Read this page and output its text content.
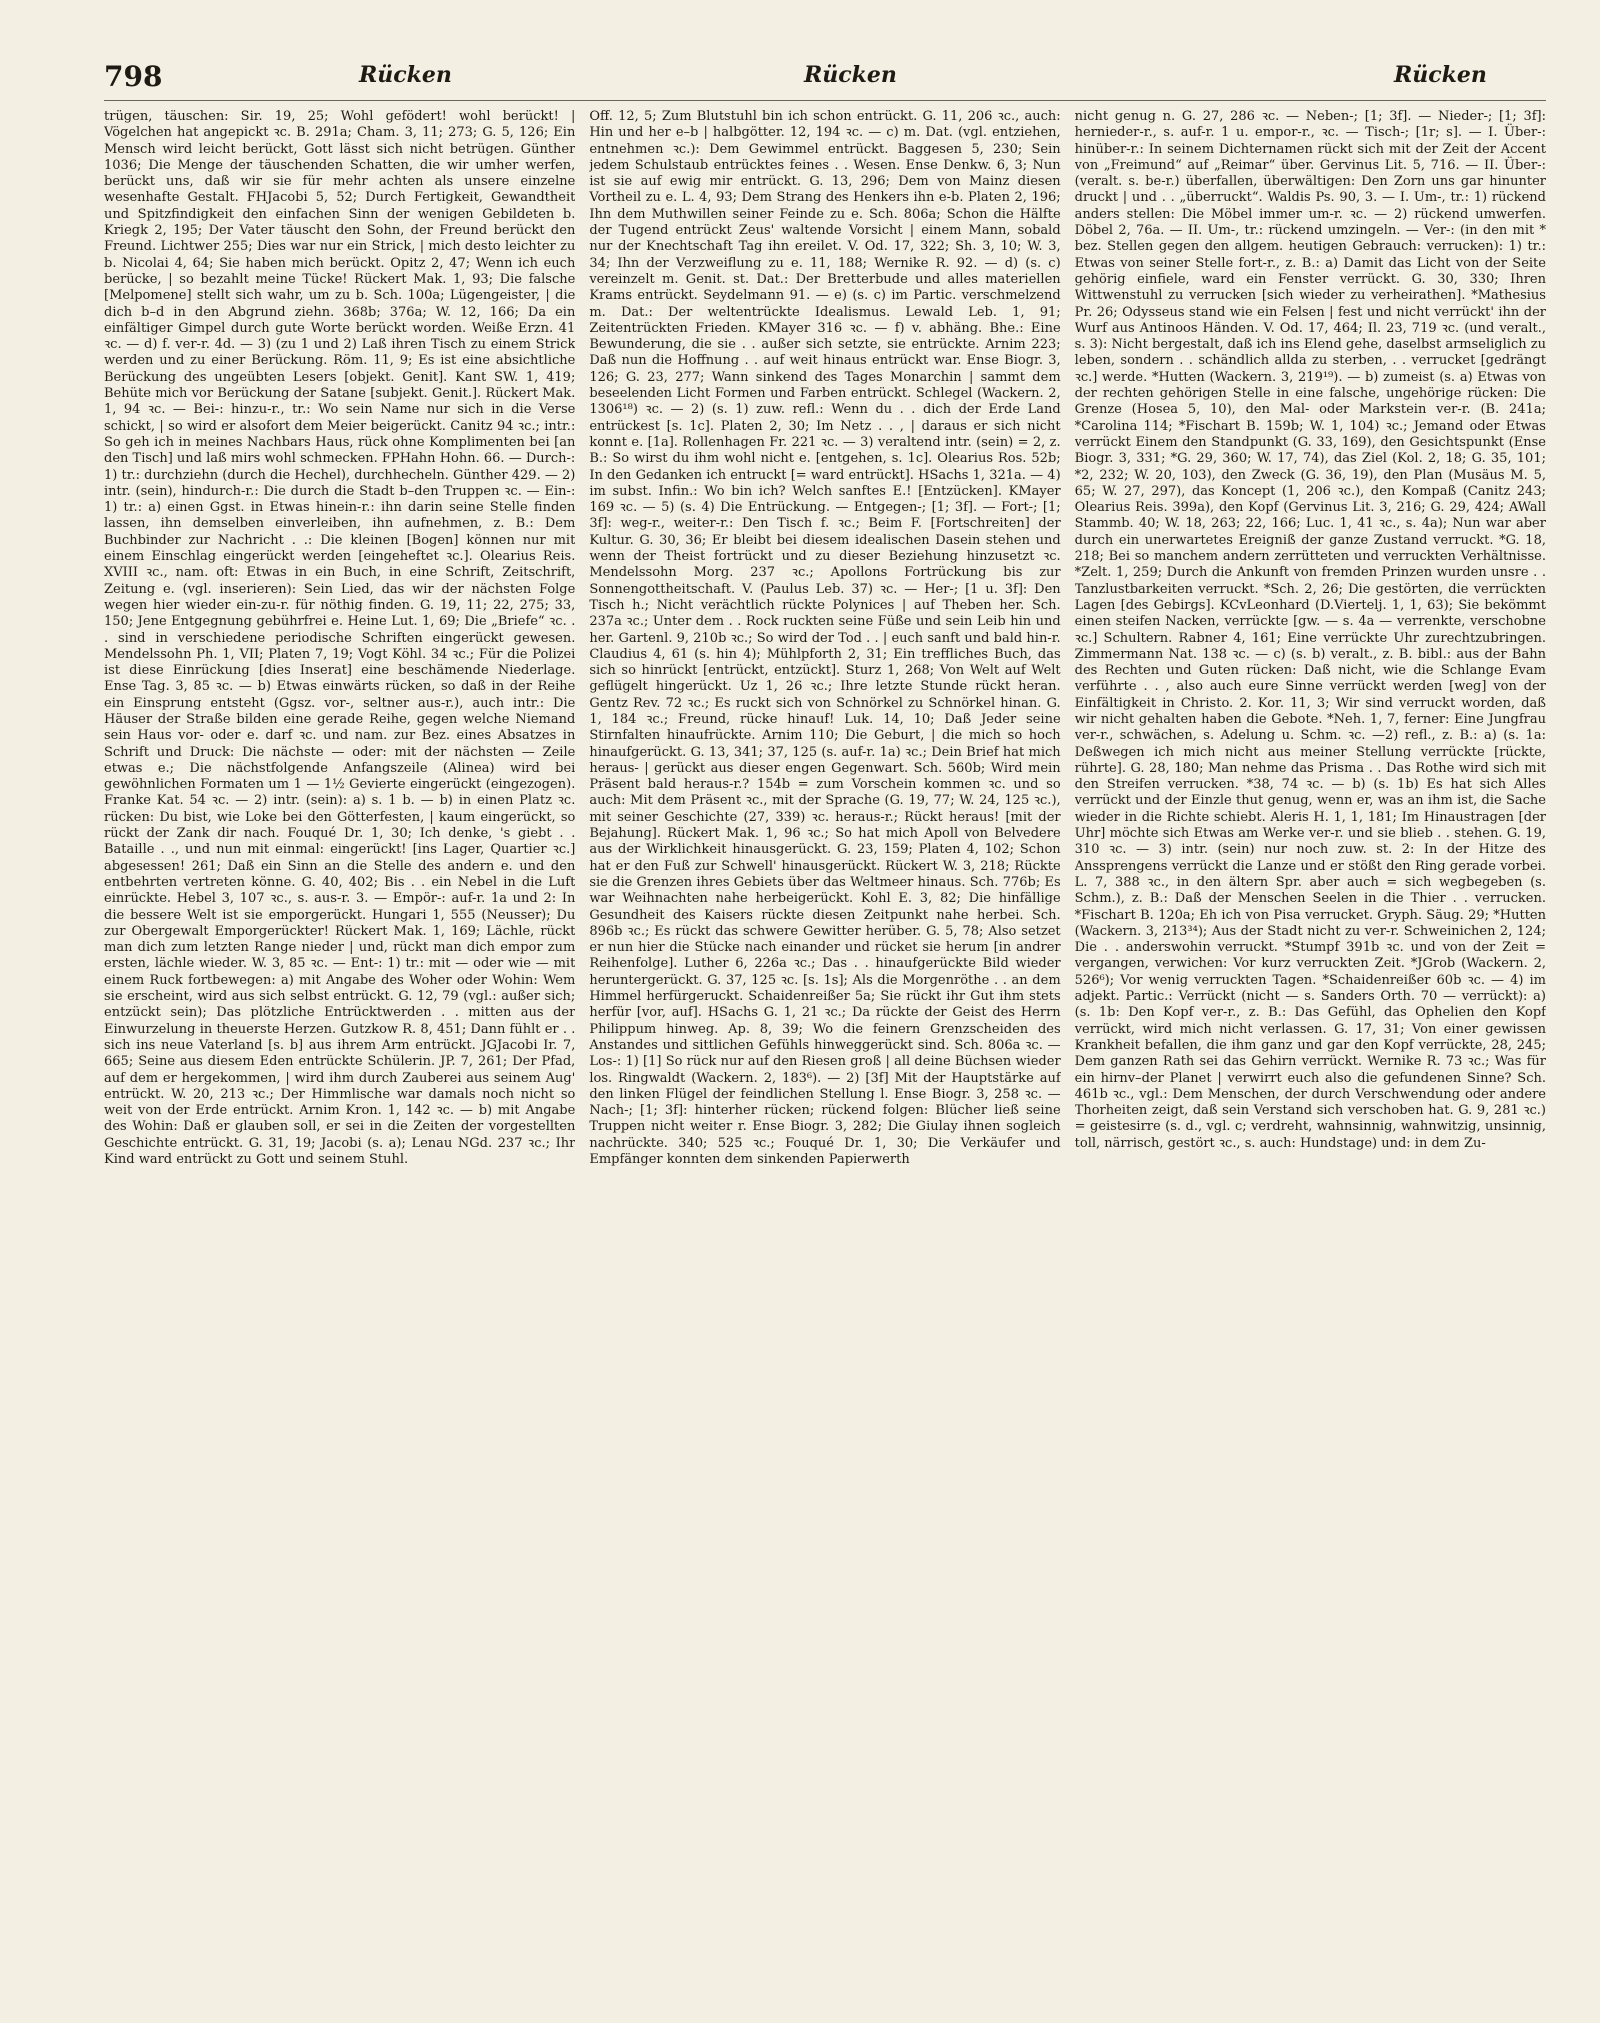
798	Rücken	Rücken	Rücken

trügen, täuschen: Sir. 19, 25; Wohl gefödert! wohl berückt! | Vögelchen hat angepickt ꝛc. B. 291a; Cham. 3, 11; 273; G. 5, 126; Ein Mensch wird leicht berückt, Gott lässt sich nicht betrügen. Günther 1036; Die Menge der täuschenden Schatten, die wir umher werfen, berückt uns, daß wir sie für mehr achten als unsere einzelne wesenhafte Gestalt. FHJacobi 5, 52; Durch Fertigkeit, Gewandtheit und Spitzfindigkeit den einfachen Sinn der wenigen Gebildeten b. Kriegk 2, 195; Der Vater täuscht den Sohn, der Freund berückt den Freund. Lichtwer 255; Dies war nur ein Strick, | mich desto leichter zu b. Nicolai 4, 64; Sie haben mich berückt. Opitz 2, 47; Wenn ich euch berücke, | so bezahlt meine Tücke! Rückert Mak. 1, 93; Die falsche [Melpomene] stellt sich wahr, um zu b. Sch. 100a; Lügengeister, | die dich b–d in den Abgrund ziehn. 368b; 376a; W. 12, 166; Da ein einfältiger Gimpel durch gute Worte berückt worden. Weiße Erzn. 41 ꝛc. — d) f. ver-r. 4d. — 3) (zu 1 und 2) Laß ihren Tisch zu einem Strick werden und zu einer Berückung. Röm. 11, 9; Es ist eine absichtliche Berückung des ungeübten Lesers [objekt. Genit]. Kant SW. 1, 419; Behüte mich vor Berückung der Satane [subjekt. Genit.]. Rückert Mak. 1, 94 ꝛc. — Bei-: hinzu-r., tr.: Wo sein Name nur sich in die Verse schickt, | so wird er alsofort dem Meier beigerückt. Canitz 94 ꝛc.; intr.: So geh ich in meines Nachbars Haus, rück ohne Komplimenten bei [an den Tisch] und laß mirs wohl schmecken. FPHahn Hohn. 66. — Durch-: 1) tr.: durchziehn (durch die Hechel), durchhecheln. Günther 429. — 2) intr. (sein), hindurch-r.: Die durch die Stadt b–den Truppen ꝛc. — Ein-: 1) tr.: a) einen Ggst. in Etwas hinein-r.: ihn darin seine Stelle finden lassen, ihn demselben einverleiben, ihn aufnehmen, z. B.: Dem Buchbinder zur Nachricht . .: Die kleinen [Bogen] können nur mit einem Einschlag eingerückt werden [eingeheftet ꝛc.]. Olearius Reis. XVIII ꝛc., nam. oft: Etwas in ein Buch, in eine Schrift, Zeitschrift, Zeitung e. (vgl. inserieren): Sein Lied, das wir der nächsten Folge wegen hier wieder ein-zu-r. für nöthig finden. G. 19, 11; 22, 275; 33, 150; Jene Entgegnung gebührfrei e. Heine Lut. 1, 69; Die „Briefe“ ꝛc. . . sind in verschiedene periodische Schriften eingerückt gewesen. Mendelssohn Ph. 1, VII; Platen 7, 19; Vogt Köhl. 34 ꝛc.; Für die Polizei ist diese Einrückung [dies Inserat] eine beschämende Niederlage. Ense Tag. 3, 85 ꝛc. — b) Etwas einwärts rücken, so daß in der Reihe ein Einsprung entsteht (Ggsz. vor-, seltner aus-r.), auch intr.: Die Häuser der Straße bilden eine gerade Reihe, gegen welche Niemand sein Haus vor- oder e. darf ꝛc. und nam. zur Bez. eines Absatzes in Schrift und Druck: Die nächste — oder: mit der nächsten — Zeile etwas e.; Die nächstfolgende Anfangszeile (Alinea) wird bei gewöhnlichen Formaten um 1 — 1½ Gevierte eingerückt (eingezogen). Franke Kat. 54 ꝛc. — 2) intr. (sein): a) s. 1 b. — b) in einen Platz ꝛc. rücken: Du bist, wie Loke bei den Götterfesten, | kaum eingerückt, so rückt der Zank dir nach. Fouqué Dr. 1, 30; Ich denke, 's giebt . . Bataille . ., und nun mit einmal: eingerückt! [ins Lager, Quartier ꝛc.] abgesessen! 261; Daß ein Sinn an die Stelle des andern e. und den entbehrten vertreten könne. G. 40, 402; Bis . . ein Nebel in die Luft einrückte. Hebel 3, 107 ꝛc., s. aus-r. 3. — Empör-: auf-r. 1a und 2: In die bessere Welt ist sie emporgerückt. Hungari 1, 555 (Neusser); Du zur Obergewalt Emporgerückter! Rückert Mak. 1, 169; Lächle, rückt man dich zum letzten Range nieder | und, rückt man dich empor zum ersten, lächle wieder. W. 3, 85 ꝛc. — Ent-: 1) tr.: mit — oder wie — mit einem Ruck fortbewegen: a) mit Angabe des Woher oder Wohin: Wem sie erscheint, wird aus sich selbst entrückt. G. 12, 79 (vgl.: außer sich; entzückt sein); Das plötzliche Entrücktwerden . . mitten aus der Einwurzelung in theuerste Herzen. Gutzkow R. 8, 451; Dann fühlt er . . sich ins neue Vaterland [s. b] aus ihrem Arm entrückt. JGJacobi Ir. 7, 665; Seine aus diesem Eden entrückte Schülerin. JP. 7, 261; Der Pfad, auf dem er hergekommen, | wird ihm durch Zauberei aus seinem Aug' entrückt. W. 20, 213 ꝛc.; Der Himmlische war damals noch nicht so weit von der Erde entrückt. Arnim Kron. 1, 142 ꝛc. — b) mit Angabe des Wohin: Daß er glauben soll, er sei in die Zeiten der vorgestellten Geschichte entrückt. G. 31, 19; Jacobi (s. a); Lenau NGd. 237 ꝛc.; Ihr Kind ward entrückt zu Gott und seinem Stuhl.

Off. 12, 5; Zum Blutstuhl bin ich schon entrückt. G. 11, 206 ꝛc., auch: Hin und her e–b | halbgötter. 12, 194 ꝛc. — c) m. Dat. (vgl. entziehen, entnehmen ꝛc.): Dem Gewimmel entrückt. Baggesen 5, 230; Sein jedem Schulstaub entrücktes feines . . Wesen. Ense Denkw. 6, 3; Nun ist sie auf ewig mir entrückt. G. 13, 296; Dem von Mainz diesen Vortheil zu e. L. 4, 93; Dem Strang des Henkers ihn e-b. Platen 2, 196; Ihn dem Muthwillen seiner Feinde zu e. Sch. 806a; Schon die Hälfte der Tugend entrückt Zeus' waltende Vorsicht | einem Mann, sobald nur der Knechtschaft Tag ihn ereilet. V. Od. 17, 322; Sh. 3, 10; W. 3, 34; Ihn der Verzweiflung zu e. 11, 188; Wernike R. 92. — d) (s. c) vereinzelt m. Genit. st. Dat.: Der Bretterbude und alles materiellen Krams entrückt. Seydelmann 91. — e) (s. c) im Partic. verschmelzend m. Dat.: Der weltentrückte Idealismus. Lewald Leb. 1, 91; Zeitentrückten Frieden. KMayer 316 ꝛc. — f) v. abhäng. Bhe.: Eine Bewunderung, die sie . . außer sich setzte, sie entrückte. Arnim 223; Daß nun die Hoffnung . . auf weit hinaus entrückt war. Ense Biogr. 3, 126; G. 23, 277; Wann sinkend des Tages Monarchin | sammt dem beseelenden Licht Formen und Farben entrückt. Schlegel (Wackern. 2, 1306¹⁸) ꝛc. — 2) (s. 1) zuw. refl.: Wenn du . . dich der Erde Land entrückest [s. 1c]. Platen 2, 30; Im Netz . . , | daraus er sich nicht konnt e. [1a]. Rollenhagen Fr. 221 ꝛc. — 3) veraltend intr. (sein) = 2, z. B.: So wirst du ihm wohl nicht e. [entgehen, s. 1c]. Olearius Ros. 52b; In den Gedanken ich entruckt [= ward entrückt]. HSachs 1, 321a. — 4) im subst. Infin.: Wo bin ich? Welch sanftes E.! [Entzücken]. KMayer 169 ꝛc. — 5) (s. 4) Die Entrückung. — Entgegen-; [1; 3f]. — Fort-; [1; 3f]: weg-r., weiter-r.: Den Tisch f. ꝛc.; Beim F. [Fortschreiten] der Kultur. G. 30, 36; Er bleibt bei diesem idealischen Dasein stehen und wenn der Theist fortrückt und zu dieser Beziehung hinzusetzt ꝛc. Mendelssohn Morg. 237 ꝛc.; Apollons Fortrückung bis zur Sonnengottheitschaft. V. (Paulus Leb. 37) ꝛc. — Her-; [1 u. 3f]: Den Tisch h.; Nicht verächtlich rückte Polynices | auf Theben her. Sch. 237a ꝛc.; Unter dem . . Rock ruckten seine Füße und sein Leib hin und her. Gartenl. 9, 210b ꝛc.; So wird der Tod . . | euch sanft und bald hin-r. Claudius 4, 61 (s. hin 4); Mühlpforth 2, 31; Ein treffliches Buch, das sich so hinrückt [entrückt, entzückt]. Sturz 1, 268; Von Welt auf Welt geflügelt hingerückt. Uz 1, 26 ꝛc.; Ihre letzte Stunde rückt heran. Gentz Rev. 72 ꝛc.; Es ruckt sich von Schnörkel zu Schnörkel hinan. G. 1, 184 ꝛc.; Freund, rücke hinauf! Luk. 14, 10; Daß Jeder seine Stirnfalten hinaufrückte. Arnim 110; Die Geburt, | die mich so hoch hinaufgerückt. G. 13, 341; 37, 125 (s. auf-r. 1a) ꝛc.; Dein Brief hat mich heraus- | gerückt aus dieser engen Gegenwart. Sch. 560b; Wird mein Präsent bald heraus-r.? 154b = zum Vorschein kommen ꝛc. und so auch: Mit dem Präsent ꝛc., mit der Sprache (G. 19, 77; W. 24, 125 ꝛc.), mit seiner Geschichte (27, 339) ꝛc. heraus-r.; Rückt heraus! [mit der Bejahung]. Rückert Mak. 1, 96 ꝛc.; So hat mich Apoll von Belvedere aus der Wirklichkeit hinausgerückt. G. 23, 159; Platen 4, 102; Schon hat er den Fuß zur Schwell' hinausgerückt. Rückert W. 3, 218; Rückte sie die Grenzen ihres Gebiets über das Weltmeer hinaus. Sch. 776b; Es war Weihnachten nahe herbeigerückt. Kohl E. 3, 82; Die hinfällige Gesundheit des Kaisers rückte diesen Zeitpunkt nahe herbei. Sch. 896b ꝛc.; Es rückt das schwere Gewitter herüber. G. 5, 78; Also setzet er nun hier die Stücke nach einander und rücket sie herum [in andrer Reihenfolge]. Luther 6, 226a ꝛc.; Das . . hinaufgerückte Bild wieder heruntergerückt. G. 37, 125 ꝛc. [s. 1s]; Als die Morgenröthe . . an dem Himmel herfürgeruckt. Schaidenreißer 5a; Sie rückt ihr Gut ihm stets herfür [vor, auf]. HSachs G. 1, 21 ꝛc.; Da rückte der Geist des Herrn Philippum hinweg. Ap. 8, 39; Wo die feinern Grenzscheiden des Anstandes und sittlichen Gefühls hinweggerückt sind. Sch. 806a ꝛc. — Los-: 1) [1] So rück nur auf den Riesen groß | all deine Büchsen wieder los. Ringwaldt (Wackern. 2, 183⁶). — 2) [3f] Mit der Hauptstärke auf den linken Flügel der feindlichen Stellung l. Ense Biogr. 3, 258 ꝛc. — Nach-; [1; 3f]: hinterher rücken; rückend folgen: Blücher ließ seine Truppen nicht weiter r. Ense Biogr. 3, 282; Die Giulay ihnen sogleich nachrückte. 340; 525 ꝛc.; Fouqué Dr. 1, 30; Die Verkäufer und Empfänger konnten dem sinkenden Papierwerth

nicht genug n. G. 27, 286 ꝛc. — Neben-; [1; 3f]. — Nieder-; [1; 3f]: hernieder-r., s. auf-r. 1 u. empor-r., ꝛc. — Tisch-; [1r; s]. — I. Über-: hinüber-r.: In seinem Dichternamen rückt sich mit der Zeit der Accent von „Freimund“ auf „Reimar“ über. Gervinus Lit. 5, 716. — II. Über-: (veralt. s. be-r.) überfallen, überwältigen: Den Zorn uns gar hinunter druckt | und . . „überruckt“. Waldis Ps. 90, 3. — I. Um-, tr.: 1) rückend anders stellen: Die Möbel immer um-r. ꝛc. — 2) rückend umwerfen. Döbel 2, 76a. — II. Um-, tr.: rückend umzingeln. — Ver-: (in den mit * bez. Stellen gegen den allgem. heutigen Gebrauch: verrucken): 1) tr.: Etwas von seiner Stelle fort-r., z. B.: a) Damit das Licht von der Seite gehörig einfiele, ward ein Fenster verrückt. G. 30, 330; Ihren Wittwenstuhl zu verrucken [sich wieder zu verheirathen]. *Mathesius Pr. 26; Odysseus stand wie ein Felsen | fest und nicht verrückt' ihn der Wurf aus Antinoos Händen. V. Od. 17, 464; Il. 23, 719 ꝛc. (und veralt., s. 3): Nicht bergestalt, daß ich ins Elend gehe, daselbst armseliglich zu leben, sondern . . schändlich allda zu sterben, . . verrucket [gedrängt ꝛc.] werde. *Hutten (Wackern. 3, 219¹⁹). — b) zumeist (s. a) Etwas von der rechten gehörigen Stelle in eine falsche, ungehörige rücken: Die Grenze (Hosea 5, 10), den Mal- oder Markstein ver-r. (B. 241a; *Carolina 114; *Fischart B. 159b; W. 1, 104) ꝛc.; Jemand oder Etwas verrückt Einem den Standpunkt (G. 33, 169), den Gesichtspunkt (Ense Biogr. 3, 331; *G. 29, 360; W. 17, 74), das Ziel (Kol. 2, 18; G. 35, 101; *2, 232; W. 20, 103), den Zweck (G. 36, 19), den Plan (Musäus M. 5, 65; W. 27, 297), das Koncept (1, 206 ꝛc.), den Kompaß (Canitz 243; Olearius Reis. 399a), den Kopf (Gervinus Lit. 3, 216; G. 29, 424; AWall Stammb. 40; W. 18, 263; 22, 166; Luc. 1, 41 ꝛc., s. 4a); Nun war aber durch ein unerwartetes Ereigniß der ganze Zustand verruckt. *G. 18, 218; Bei so manchem andern zerrütteten und verruckten Verhältnisse. *Zelt. 1, 259; Durch die Ankunft von fremden Prinzen wurden unsre . . Tanzlustbarkeiten verruckt. *Sch. 2, 26; Die gestörten, die verrückten Lagen [des Gebirgs]. KCvLeonhard (D.Viertelj. 1, 1, 63); Sie bekömmt einen steifen Nacken, verrückte [gw. — s. 4a — verrenkte, verschobne ꝛc.] Schultern. Rabner 4, 161; Eine verrückte Uhr zurechtzubringen. Zimmermann Nat. 138 ꝛc. — c) (s. b) veralt., z. B. bibl.: aus der Bahn des Rechten und Guten rücken: Daß nicht, wie die Schlange Evam verführte . . , also auch eure Sinne verrückt werden [weg] von der Einfältigkeit in Christo. 2. Kor. 11, 3; Wir sind verruckt worden, daß wir nicht gehalten haben die Gebote. *Neh. 1, 7, ferner: Eine Jungfrau ver-r., schwächen, s. Adelung u. Schm. ꝛc. —2) refl., z. B.: a) (s. 1a: Deßwegen ich mich nicht aus meiner Stellung verrückte [rückte, rührte]. G. 28, 180; Man nehme das Prisma . . Das Rothe wird sich mit den Streifen verrucken. *38, 74 ꝛc. — b) (s. 1b) Es hat sich Alles verrückt und der Einzle thut genug, wenn er, was an ihm ist, die Sache wieder in die Richte schiebt. Aleris H. 1, 1, 181; Im Hinaustragen [der Uhr] möchte sich Etwas am Werke ver-r. und sie blieb . . stehen. G. 19, 310 ꝛc. — 3) intr. (sein) nur noch zuw. st. 2: In der Hitze des Anssprengens verrückt die Lanze und er stößt den Ring gerade vorbei. L. 7, 388 ꝛc., in den ältern Spr. aber auch = sich wegbegeben (s. Schm.), z. B.: Daß der Menschen Seelen in die Thier . . verrucken. *Fischart B. 120a; Eh ich von Pisa verrucket. Gryph. Säug. 29; *Hutten (Wackern. 3, 213³⁴); Aus der Stadt nicht zu ver-r. Schweinichen 2, 124; Die . . anderswohin verruckt. *Stumpf 391b ꝛc. und von der Zeit = vergangen, verwichen: Vor kurz verruckten Zeit. *JGrob (Wackern. 2, 526⁶); Vor wenig verruckten Tagen. *Schaidenreißer 60b ꝛc. — 4) im adjekt. Partic.: Verrückt (nicht — s. Sanders Orth. 70 — verrückt): a) (s. 1b: Den Kopf ver-r., z. B.: Das Gefühl, das Ophelien den Kopf verrückt, wird mich nicht verlassen. G. 17, 31; Von einer gewissen Krankheit befallen, die ihm ganz und gar den Kopf verrückte, 28, 245; Dem ganzen Rath sei das Gehirn verrückt. Wernike R. 73 ꝛc.; Was für ein hirnv–der Planet | verwirrt euch also die gefundenen Sinne? Sch. 461b ꝛc., vgl.: Dem Menschen, der durch Verschwendung oder andere Thorheiten zeigt, daß sein Verstand sich verschoben hat. G. 9, 281 ꝛc.) = geistesirre (s. d., vgl. c; verdreht, wahnsinnig, wahnwitzig, unsinnig, toll, närrisch, gestört ꝛc., s. auch: Hundstage) und: in dem Zu-
